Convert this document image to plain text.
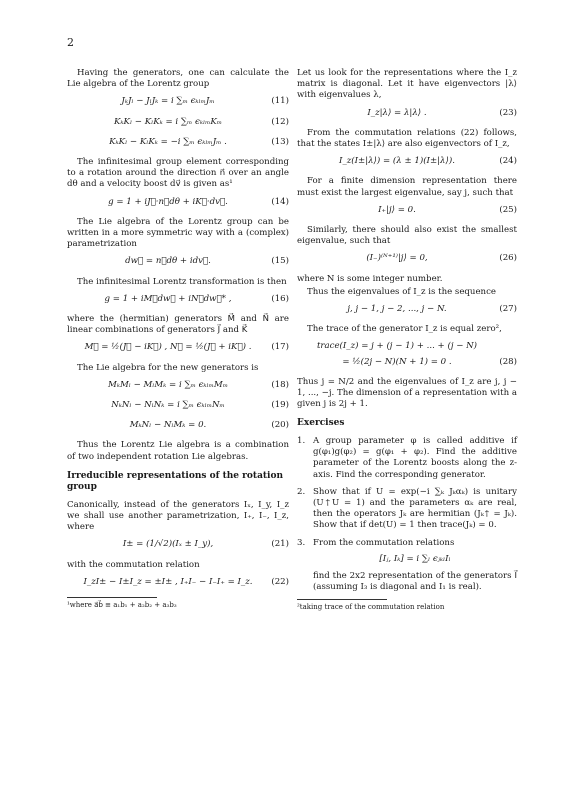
2

Having the generators, one can calculate the Lie algebra of the Lorentz group

JₖJₗ − JₗJₖ = i ∑ₘ ϵₖₗₘJₘ	(11)
KₖKₗ − KₗKₖ = i ∑ₘ ϵₖₗₘKₘ	(12)
KₖKₗ − KₗKₖ = −i ∑ₘ ϵₖₗₘJₘ .	(13)

The infinitesimal group element corresponding to a rotation around the direction n⃗ over an angle dθ and a velocity boost dv⃗ is given as¹

g = 1 + iJ⃗·n⃗dθ + iK⃗·dv⃗.	(14)

The Lie algebra of the Lorentz group can be written in a more symmetric way with a (complex) parametrization

dw⃗ = n⃗dθ + idv⃗.	(15)

The infinitesimal Lorentz transformation is then

g = 1 + iM⃗dw⃗ + iN⃗dw⃗* ,	(16)

where the (hermitian) generators M⃗ and N⃗ are linear combinations of generators J⃗ and K⃗

M⃗ = ½(J⃗ − iK⃗) , N⃗ = ½(J⃗ + iK⃗) .	(17)

The Lie algebra for the new generators is

MₖMₗ − MₗMₖ = i ∑ₘ ϵₖₗₘMₘ	(18)
NₖNₗ − NₗNₖ = i ∑ₘ ϵₖₗₘNₘ	(19)
MₖNₗ − NₗMₖ = 0.	(20)

Thus the Lorentz Lie algebra is a combination of two independent rotation Lie algebras.

Irreducible representations of the rotation group

Canonically, instead of the generators Iₓ, I_y, I_z we shall use another parametrization, I₊, I₋, I_z, where

I± = (1/√2)(Iₓ ± I_y),	(21)

with the commutation relation

I_zI± − I±I_z = ±I± , I₊I₋ − I₋I₊ = I_z.	(22)
¹where a⃗b⃗ ≡ a₁b₁ + a₂b₂ + a₃b₃

Let us look for the representations where the I_z matrix is diagonal. Let it have eigenvectors |λ⟩ with eigenvalues λ,

I_z|λ⟩ = λ|λ⟩ .	(23)

From the commutation relations (22) follows, that the states I±|λ⟩ are also eigenvectors of I_z,

I_z(I±|λ⟩) = (λ ± 1)(I±|λ⟩).	(24)

For a finite dimension representation there must exist the largest eigenvalue, say j, such that

I₊|j⟩ = 0.	(25)

Similarly, there should also exist the smallest eigenvalue, such that

(I₋)⁽ᴺ⁺¹⁾|j⟩ = 0,	(26)

where N is some integer number.

Thus the eigenvalues of I_z is the sequence

j, j − 1, j − 2, ..., j − N.	(27)

The trace of the generator I_z is equal zero²,

trace(I_z) = j + (j − 1) + ... + (j − N)
= ½(2j − N)(N + 1) = 0 .	(28)

Thus j = N/2 and the eigenvalues of I_z are j, j − 1, ..., −j. The dimension of a representation with a given j is 2j + 1.

Exercises
1. A group parameter φ is called additive if g(φ₁)g(φ₂) = g(φ₁ + φ₂). Find the additive parameter of the Lorentz boosts along the z-axis. Find the corresponding generator.
2. Show that if U = exp(−i ∑ₖ Jₖαₖ) is unitary (U†U = 1) and the parameters αₖ are real, then the operators Jₖ are hermitian (Jₖ† = Jₖ). Show that if det(U) = 1 then trace(Jₖ) = 0.
3. From the commutation relations
[Iⱼ, Iₖ] = i ∑ₗ ϵⱼₖₗIₗ
find the 2x2 representation of the generators I⃗ (assuming I₃ is diagonal and I₁ is real).
²taking trace of the commutation relation
